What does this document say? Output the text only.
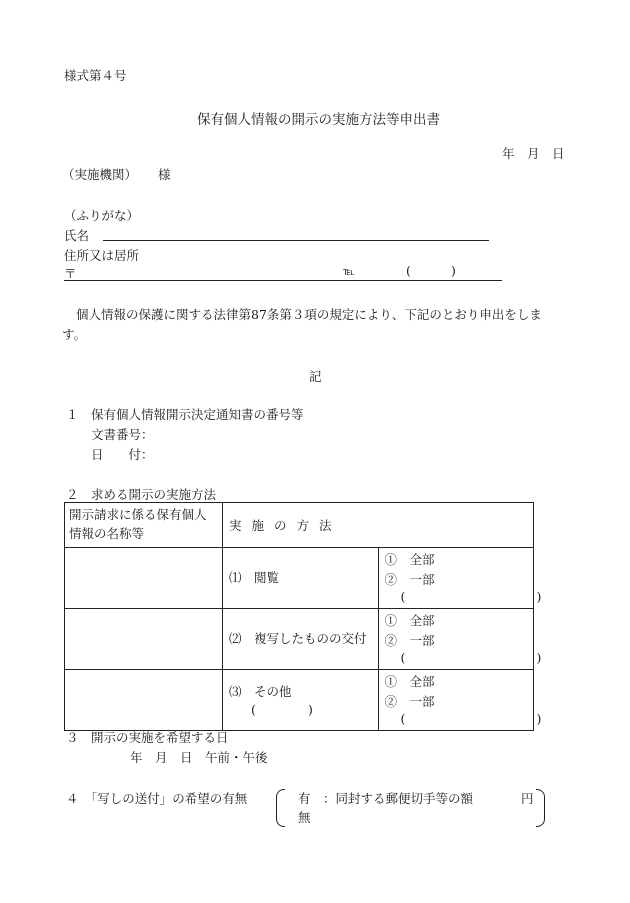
様式第４号
保有個人情報の開示の実施方法等申出書
年　月　日
（実施機関） 様
（ふりがな）
氏名
住所又は居所
〒	℡	(	)
個人情報の保護に関する法律第87条第３項の規定により、下記のとおり申出をしま
す。
記
１　保有個人情報開示決定通知書の番号等
文書番号：
日　　付：
２　求める開示の実施方法
開示請求に係る保有個人情報の名称等	実施の方法	
	⑴　閲覧	①　全部
②　一部
( )

	⑵　複写したものの交付	①　全部
②　一部
( )

	⑶　その他
( )	①　全部
②　一部
( )
３　開示の実施を希望する日
年　月　日　午前・午後
４　「写しの送付」の希望の有無	有　：同封する郵便切手等の額	円
無
